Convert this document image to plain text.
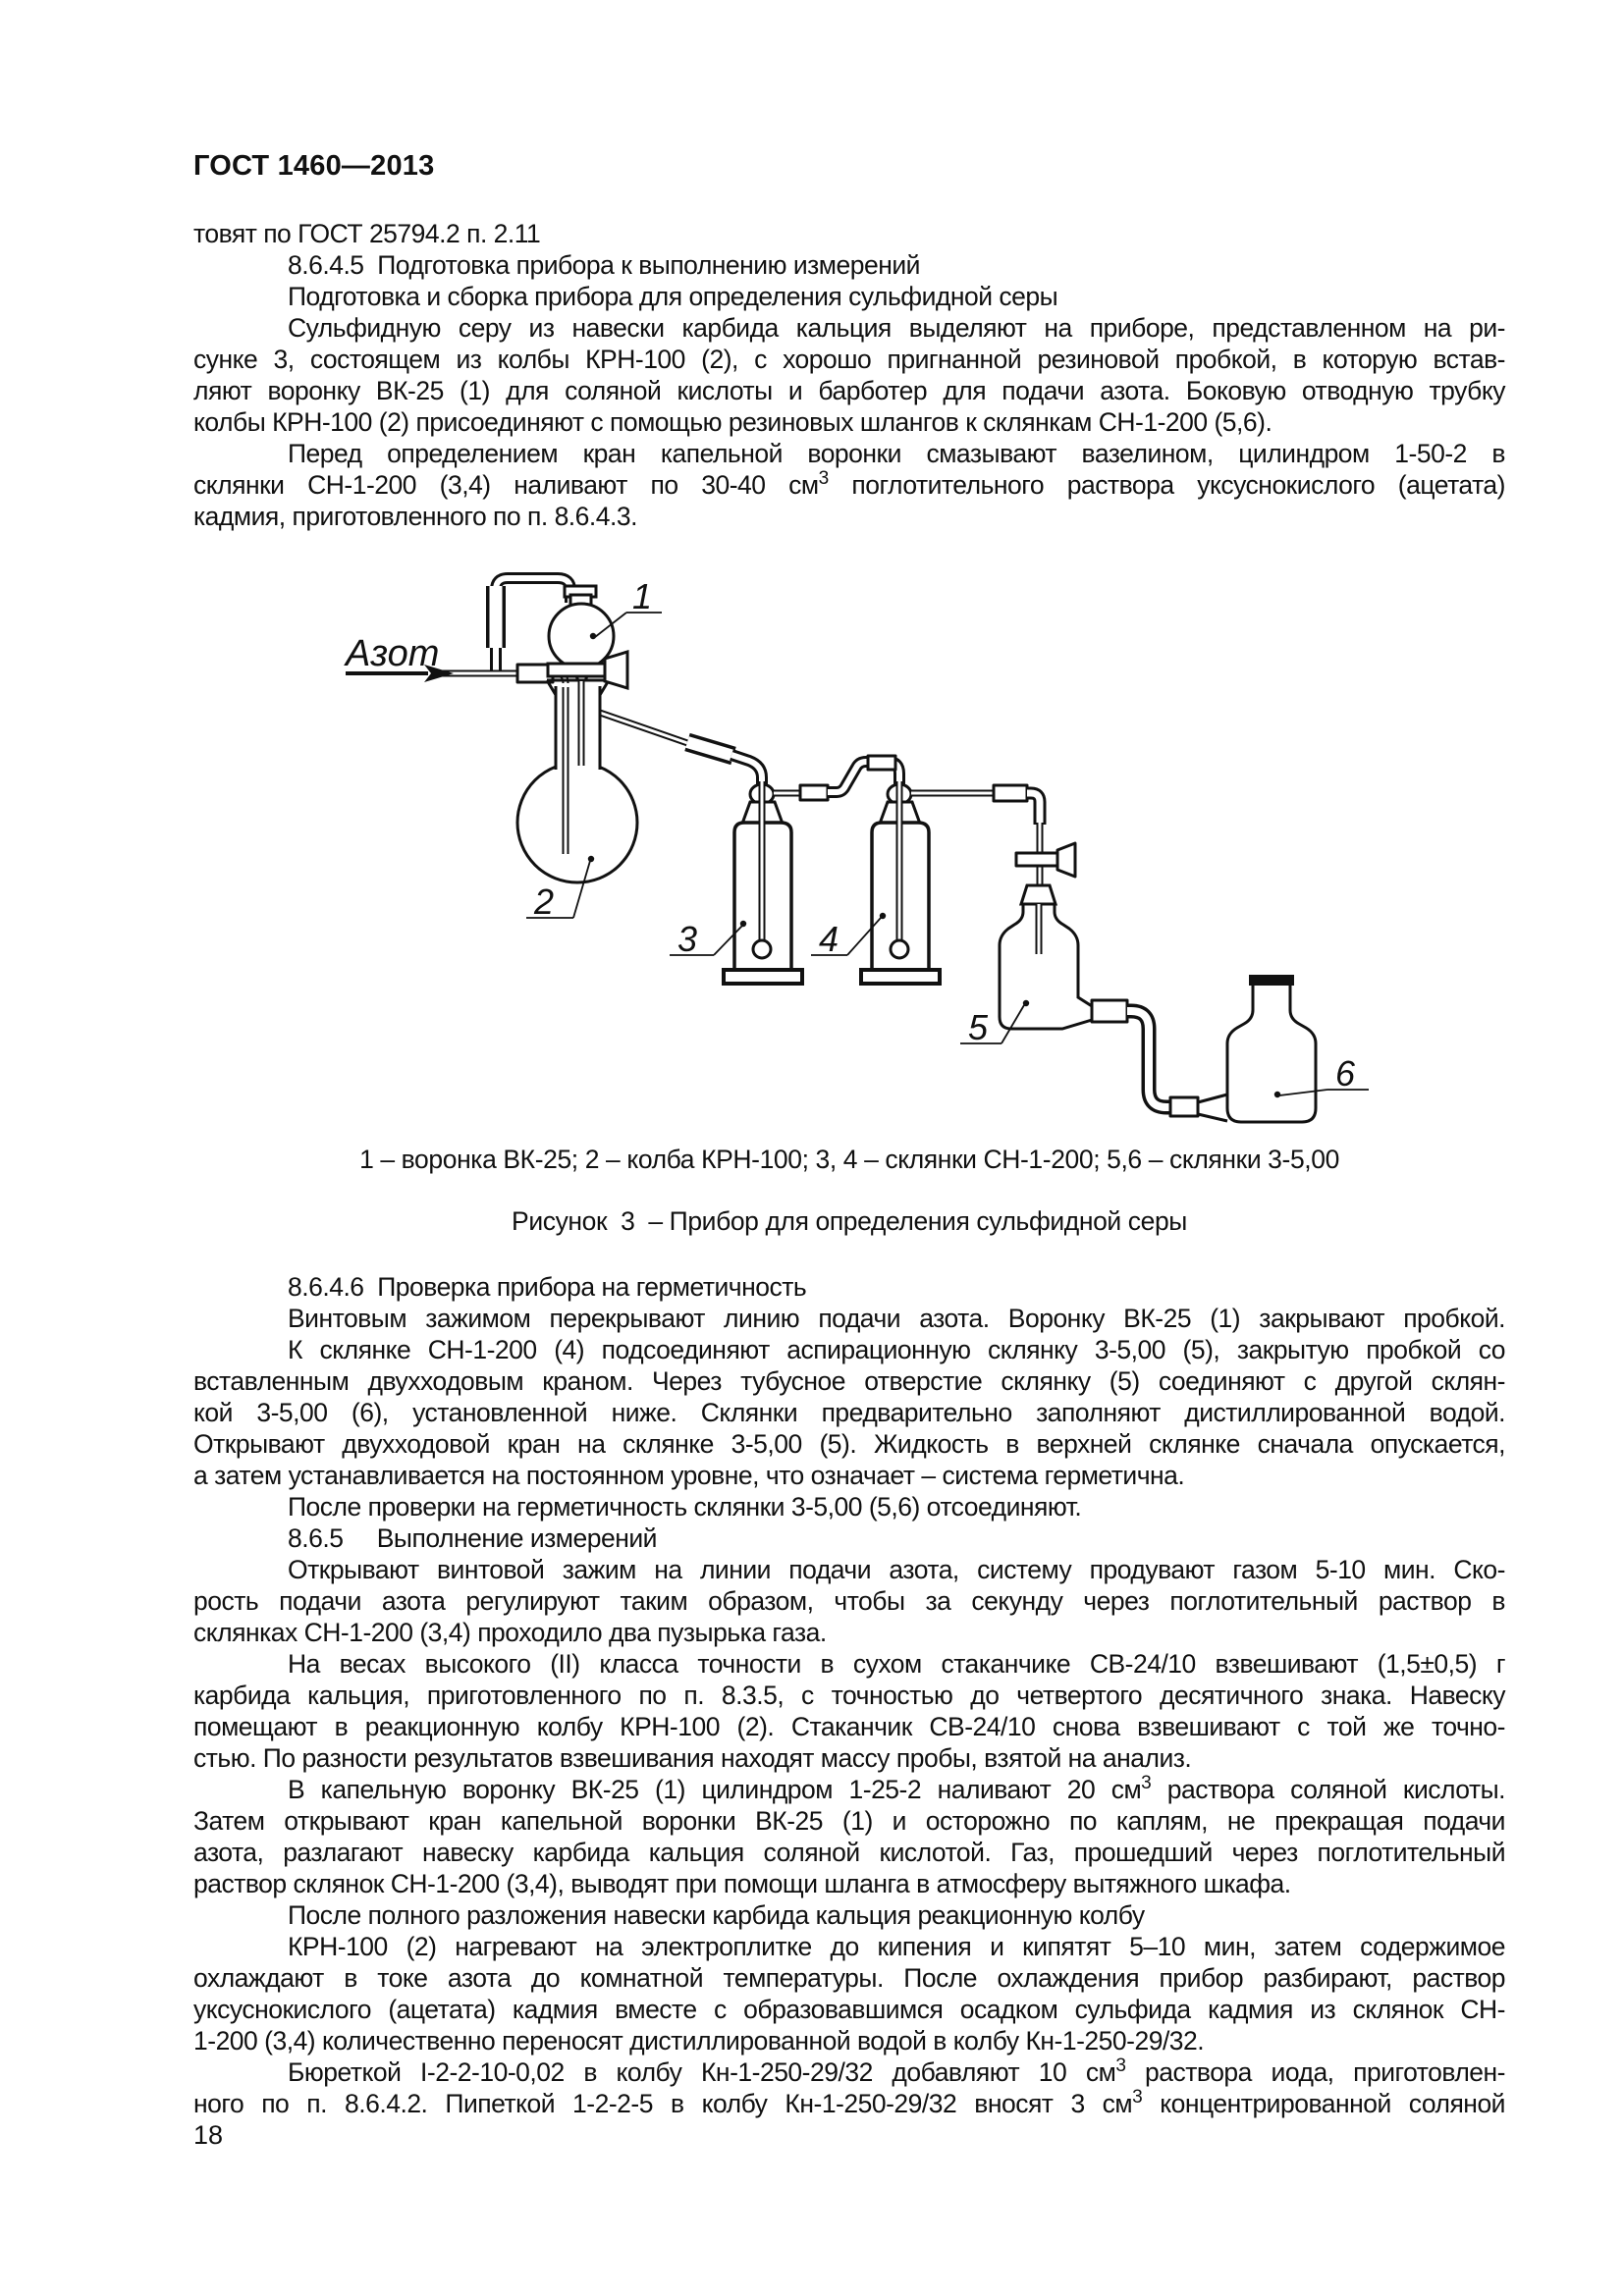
ГОСТ 1460—2013
товят по ГОСТ 25794.2 п. 2.11
8.6.4.5  Подготовка прибора к выполнению измерений
Подготовка и сборка прибора для определения сульфидной серы
Сульфидную серу из навески карбида кальция выделяют на приборе, представленном на ри-
сунке 3, состоящем из колбы КРН-100 (2), с хорошо пригнанной резиновой пробкой, в которую встав-
ляют воронку ВК-25 (1) для соляной кислоты и барботер для подачи азота. Боковую отводную трубку
колбы КРН-100 (2) присоединяют с помощью резиновых шлангов к склянкам СН-1-200 (5,6).
Перед определением кран капельной воронки смазывают вазелином, цилиндром 1-50-2 в
склянки СН-1-200 (3,4) наливают по 30-40 $см^3$ поглотительного раствора уксуснокислого (ацетата)
кадмия, приготовленного по п. 8.6.4.3.
Азот
1
2
3	4
5
6
1 – воронка ВК-25; 2 – колба КРН-100; 3, 4 – склянки СН-1-200; 5,6 – склянки 3-5,00
Рисунок  3  – Прибор для определения сульфидной серы
8.6.4.6  Проверка прибора на герметичность
Винтовым зажимом перекрывают линию подачи азота. Воронку ВК-25 (1) закрывают пробкой.
К склянке СН-1-200 (4) подсоединяют аспирационную склянку 3-5,00 (5), закрытую пробкой со
вставленным двухходовым краном. Через тубусное отверстие склянку (5) соединяют с другой склян-
кой 3-5,00 (6), установленной ниже. Склянки предварительно заполняют дистиллированной водой.
Открывают двухходовой кран на склянке 3-5,00 (5). Жидкость в верхней склянке сначала опускается,
а затем устанавливается на постоянном уровне, что означает – система герметична.
После проверки на герметичность склянки 3-5,00 (5,6) отсоединяют.
8.6.5     Выполнение измерений
Открывают винтовой зажим на линии подачи азота, систему продувают газом 5-10 мин. Ско-
рость подачи азота регулируют таким образом, чтобы за секунду через поглотительный раствор в
склянках СН-1-200 (3,4) проходило два пузырька газа.
На весах высокого (II) класса точности в сухом стаканчике СВ-24/10 взвешивают (1,5±0,5) г
карбида кальция, приготовленного по п. 8.3.5, с точностью до четвертого десятичного знака. Навеску
помещают в реакционную колбу КРН-100 (2). Стаканчик СВ-24/10 снова взвешивают с той же точно-
стью. По разности результатов взвешивания находят массу пробы, взятой на анализ.
В капельную воронку ВК-25 (1) цилиндром 1-25-2 наливают 20 $см^3$ раствора соляной кислоты.
Затем открывают кран капельной воронки ВК-25 (1) и осторожно по каплям, не прекращая подачи
азота, разлагают навеску карбида кальция соляной кислотой. Газ, прошедший через поглотительный
раствор склянок СН-1-200 (3,4), выводят при помощи шланга в атмосферу вытяжного шкафа.
После полного разложения навески карбида кальция реакционную колбу
КРН-100 (2) нагревают на электроплитке до кипения и кипятят 5–10 мин, затем содержимое
охлаждают в токе азота до комнатной температуры. После охлаждения прибор разбирают, раствор
уксуснокислого (ацетата) кадмия вместе с образовавшимся осадком сульфида кадмия из склянок СН-
1-200 (3,4) количественно переносят дистиллированной водой в колбу Кн-1-250-29/32.
Бюреткой I-2-2-10-0,02 в колбу Кн-1-250-29/32 добавляют 10 $см^3$ раствора иода, приготовлен-
ного по п. 8.6.4.2. Пипеткой 1-2-2-5 в колбу Кн-1-250-29/32 вносят 3 $см^3$ концентрированной соляной
18
